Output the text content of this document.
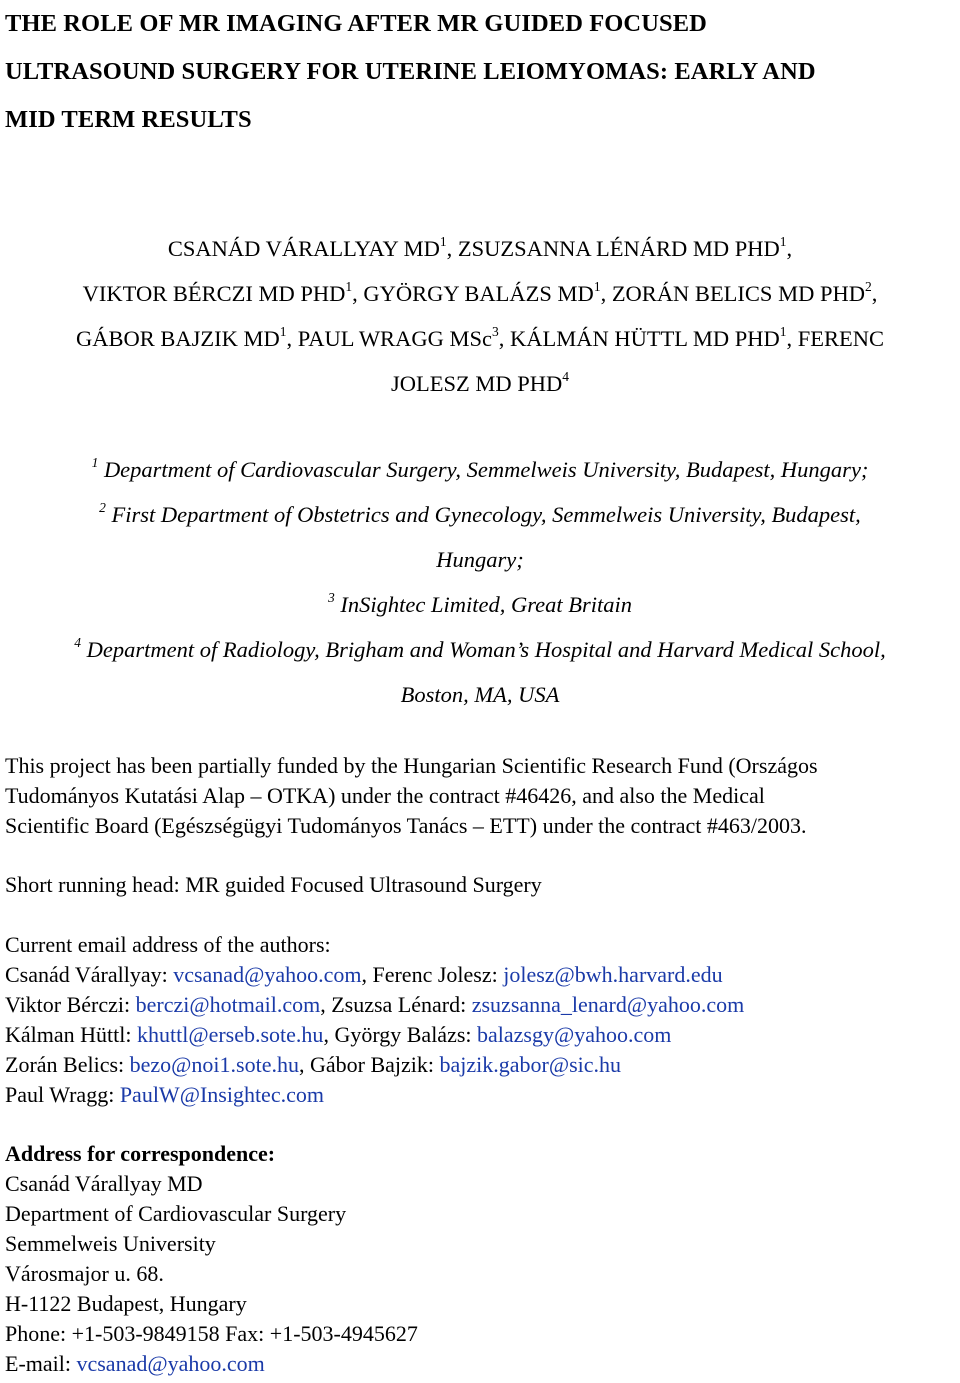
THE ROLE OF MR IMAGING AFTER MR GUIDED FOCUSED
ULTRASOUND SURGERY FOR UTERINE LEIOMYOMAS: EARLY AND
MID TERM RESULTS
CSANÁD VÁRALLYAY $MD^1$, ZSUZSANNA LÉNÁRD MD PHD$^1$,
VIKTOR BÉRCZI MD PHD$^1$, GYÖRGY BALÁZS $MD^1$, ZORÁN BELICS MD PHD$^2$,
GÁBOR BAJZIK $MD^1$, PAUL WRAGG MSc$^3$, KÁLMÁN HÜTTL MD PHD$^1$, FERENC
JOLESZ MD PHD$^4$
$^1$ Department of Cardiovascular Surgery, Semmelweis University, Budapest, Hungary;
$^2$ First Department of Obstetrics and Gynecology, Semmelweis University, Budapest,
Hungary;
$^3$ InSightec Limited, Great Britain
$^4$ Department of Radiology, Brigham and Woman’s Hospital and Harvard Medical School,
Boston, MA, USA
This project has been partially funded by the Hungarian Scientific Research Fund (Országos
Tudományos Kutatási Alap – OTKA) under the contract #46426, and also the Medical
Scientific Board (Egészségügyi Tudományos Tanács – ETT) under the contract #463/2003.
Short running head: MR guided Focused Ultrasound Surgery
Current email address of the authors:
Csanád Várallyay: vcsanad@yahoo.com, Ferenc Jolesz: jolesz@bwh.harvard.edu
Viktor Bérczi: berczi@hotmail.com, Zsuzsa Lénard: zsuzsanna_lenard@yahoo.com
Kálman Hüttl: khuttl@erseb.sote.hu, György Balázs: balazsgy@yahoo.com
Zorán Belics: bezo@noi1.sote.hu, Gábor Bajzik: bajzik.gabor@sic.hu
Paul Wragg: PaulW@Insightec.com
Address for correspondence:
Csanád Várallyay MD
Department of Cardiovascular Surgery
Semmelweis University
Városmajor u. 68.
H-1122 Budapest, Hungary
Phone: +1-503-9849158 Fax: +1-503-4945627
E-mail: vcsanad@yahoo.com
